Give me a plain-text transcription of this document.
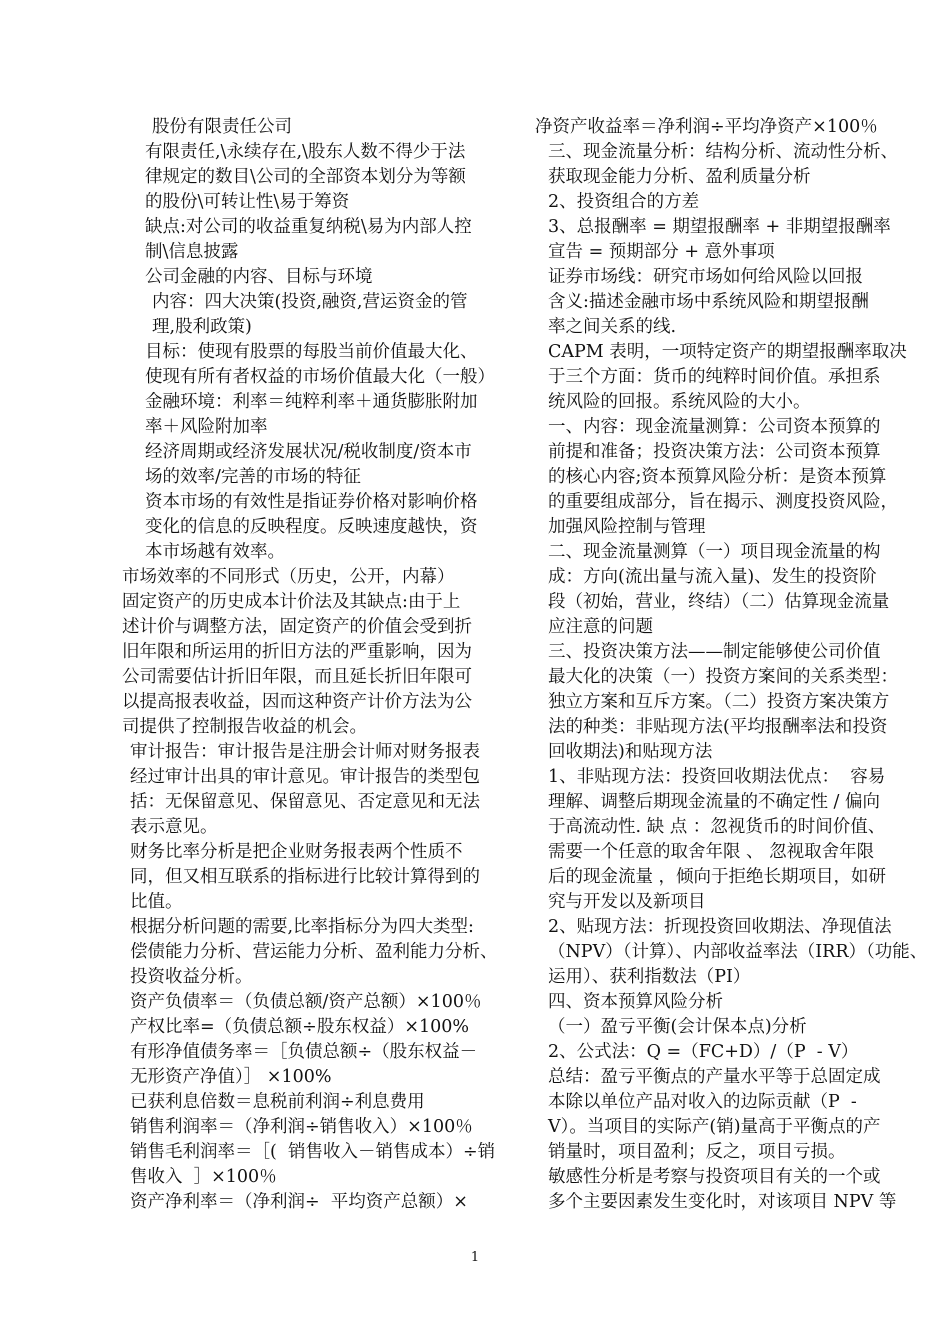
股份有限责任公司
有限责任,\永续存在,\股东人数不得少于法
律规定的数目\公司的全部资本划分为等额
的股份\可转让性\易于筹资
缺点:对公司的收益重复纳税\易为内部人控
制\信息披露
公司金融的内容、目标与环境
内容：四大决策(投资,融资,营运资金的管
理,股利政策)
目标：使现有股票的每股当前价值最大化、
使现有所有者权益的市场价值最大化（一般）
金融环境：利率＝纯粹利率＋通货膨胀附加
率＋风险附加率
经济周期或经济发展状况/税收制度/资本市
场的效率/完善的市场的特征
资本市场的有效性是指证券价格对影响价格
变化的信息的反映程度。反映速度越快，资
本市场越有效率。
市场效率的不同形式（历史，公开，内幕）
固定资产的历史成本计价法及其缺点:由于上
述计价与调整方法，固定资产的价值会受到折
旧年限和所运用的折旧方法的严重影响，因为
公司需要估计折旧年限，而且延长折旧年限可
以提高报表收益，因而这种资产计价方法为公
司提供了控制报告收益的机会。
审计报告：审计报告是注册会计师对财务报表
经过审计出具的审计意见。审计报告的类型包
括：无保留意见、保留意见、否定意见和无法
表示意见。
财务比率分析是把企业财务报表两个性质不
同，但又相互联系的指标进行比较计算得到的
比值。
根据分析问题的需要,比率指标分为四大类型:
偿债能力分析、营运能力分析、盈利能力分析、
投资收益分析。
资产负债率＝（负债总额/资产总额）×100％
产权比率=（负债总额÷股东权益）×100%
有形净值债务率＝［负债总额÷（股东权益－
无形资产净值）］ ×100%
已获利息倍数＝息税前利润÷利息费用
销售利润率＝（净利润÷销售收入）×100％
销售毛利润率＝［(  销售收入－销售成本）÷销
售收入  ］×100％
资产净利率＝（净利润÷  平均资产总额）×
净资产收益率＝净利润÷平均净资产×100％
三、现金流量分析：结构分析、流动性分析、
获取现金能力分析、盈利质量分析
2、投资组合的方差
3、总报酬率 = 期望报酬率 + 非期望报酬率
宣告 = 预期部分 + 意外事项
证券市场线：研究市场如何给风险以回报
含义:描述金融市场中系统风险和期望报酬
率之间关系的线.
CAPM 表明，一项特定资产的期望报酬率取决
于三个方面：货币的纯粹时间价值。承担系
统风险的回报。系统风险的大小。
一、内容：现金流量测算：公司资本预算的
前提和准备；投资决策方法：公司资本预算
的核心内容;资本预算风险分析：是资本预算
的重要组成部分，旨在揭示、测度投资风险，
加强风险控制与管理
二、现金流量测算（一）项目现金流量的构
成：方向(流出量与流入量)、发生的投资阶
段（初始，营业，终结）（二）估算现金流量
应注意的问题
三、投资决策方法——制定能够使公司价值
最大化的决策（一）投资方案间的关系类型：
独立方案和互斥方案。（二）投资方案决策方
法的种类：非贴现方法(平均报酬率法和投资
回收期法)和贴现方法
1、非贴现方法：投资回收期法优点：  容易
理解、调整后期现金流量的不确定性 / 偏向
于高流动性. 缺 点 ：忽视货币的时间价值、
需要一个任意的取舍年限 、 忽视取舍年限
后的现金流量 ，倾向于拒绝长期项目，如研
究与开发以及新项目
2、贴现方法：折现投资回收期法、净现值法
（NPV）（计算）、内部收益率法（IRR）（功能、
运用）、获利指数法（PI）
四、资本预算风险分析
（一）盈亏平衡(会计保本点)分析
2、公式法：Q =（FC+D）/（P  - V）
总结：盈亏平衡点的产量水平等于总固定成
本除以单位产品对收入的边际贡献（P  -
V）。当项目的实际产(销)量高于平衡点的产
销量时，项目盈利；反之，项目亏损。
敏感性分析是考察与投资项目有关的一个或
多个主要因素发生变化时，对该项目 NPV 等
1
